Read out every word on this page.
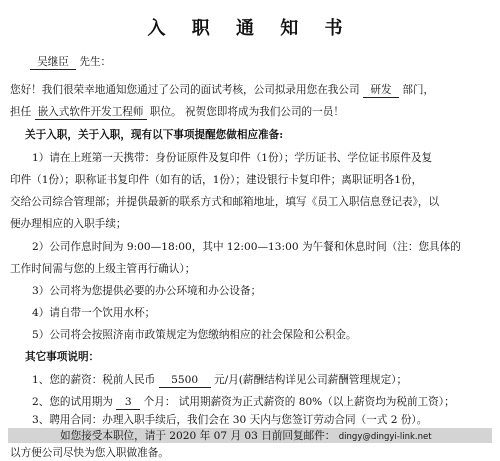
入 职 通 知 书
吴继臣 先生：
您好！我们很荣幸地通知您通过了公司的面试考核，公司拟录用您在我公司 研发 部门，
担任 嵌入式软件开发工程师 职位。 祝贺您即将成为我们公司的一员！
关于入职，关于入职，现有以下事项提醒您做相应准备:
1）请在上班第一天携带：身份证原件及复印件（1份）；学历证书、学位证书原件及复
印件（1份）；职称证书复印件（如有的话，1份）；建设银行卡复印件；离职证明各1份，
交给公司综合管理部；并提供最新的联系方式和邮箱地址，填写《员工入职信息登记表》，以
便办理相应的入职手续；
2）公司作息时间为 9:00—18:00，其中 12:00—13:00 为午餐和休息时间（注：您具体的
工作时间需与您的上级主管再行确认）；
3）公司将为您提供必要的办公环境和办公设备；
4）请自带一个饮用水杯；
5）公司将会按照济南市政策规定为您缴纳相应的社会保险和公积金。
其它事项说明：
1、您的薪资：税前人民币 5500 元/月(薪酬结构详见公司薪酬管理规定）；
2、您的试用期为 3 个月： 试用期薪资为正式薪资的 80%（以上薪资均为税前工资）；
3、聘用合同：办理入职手续后，我们会在 30 天内与您签订劳动合同（一式 2 份）。
如您接受本职位，请于 2020 年 07 月 03 日前回复邮件： dingy@dingyi-link.net
以方便公司尽快为您入职做准备。
